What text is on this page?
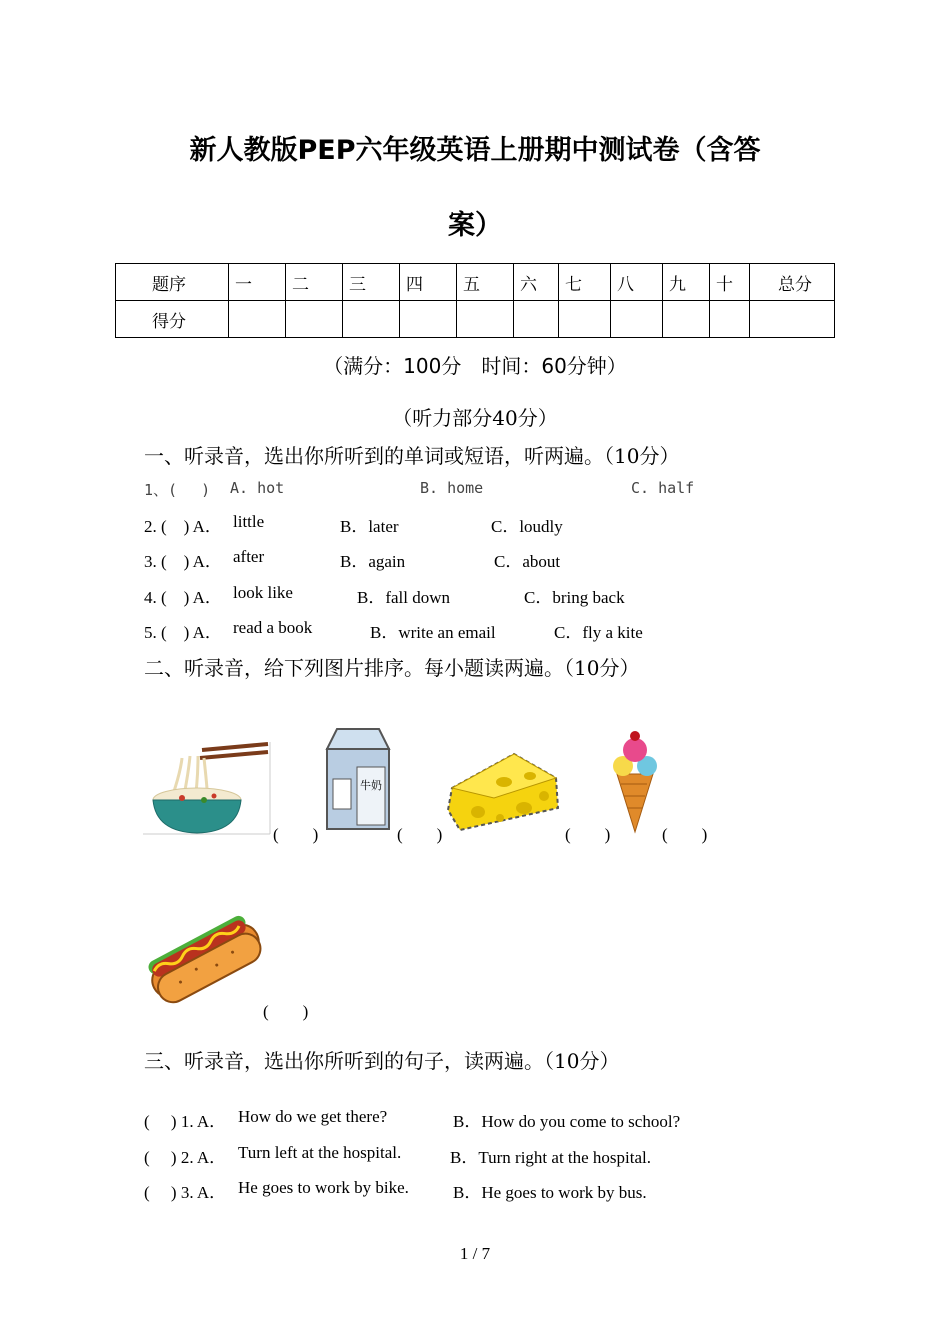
新人教版PEP六年级英语上册期中测试卷（含答
案）
题序	一	二	三	四	五	六	七	八	九	十	总分
得分											
（满分：100分　时间：60分钟）
（听力部分40分）
一、听录音，选出你所听到的单词或短语，听两遍。（10分）
1、(　 ) A. hot	B. home	C. half
2. (　) A． little	B．later	C．loudly
3. (　) A． after	B．again	C．about
4. (　) A． look like	B．fall down	C．bring back
5. (　) A． read a book	B．write an email	C．fly a kite
二、听录音，给下列图片排序。每小题读两遍。（10分）
(　　)
牛奶
(　　)	(　　)	(　　)
(　　)
三、听录音，选出你所听到的句子，读两遍。（10分）
(　 ) 1. A． How do we get there?	B．How do you come to school?
(　 ) 2. A． Turn left at the hospital.	B．Turn right at the hospital.
(　 ) 3. A． He goes to work by bike.	B．He goes to work by bus.
1 / 7
